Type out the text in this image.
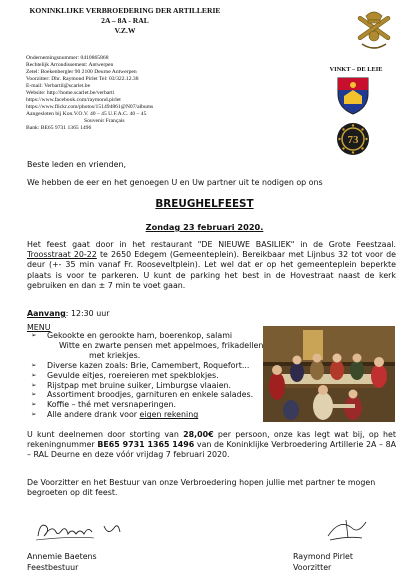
KONINKLIJKE VERBROEDERING DER ARTILLERIE
2A – 8A - RAL
V.Z.W
Ondernemingsnummer: 0410865868
Rechtelijk Arrondissement: Antwerpen
Zetel: Boekenbergler 90 2100 Deurne Antwerpen
Voorzitter: Dhr. Raymond Pirlet Tel: 03/322.12.38
E-mail: Verbartil@scarlet.be
Website: http://home.scarlet.be/verbarti
https://www.facebook.com/raymond.pirlet
https://www.flickr.com/photos/151494861@N07/albums
Aangesloten bij Kon.V.O.V. 40 – 45 U.F.A.C. 40 – 45
Souvenir Français
Bank: BE65 9731 1365 1496
VINKT – DE LEIE
73
Beste leden en vrienden,
We hebben de eer en het genoegen U en Uw partner uit te nodigen op ons
BREUGHELFEEST
Zondag 23 februari 2020.
Het feest gaat door in het restaurant "DE NIEUWE BASILIEK" in de Grote Feestzaal. Troosstraat 20-22 te 2650 Edegem (Gemeenteplein). Bereikbaar met Lijnbus 32 tot voor de deur (+- 35 min vanaf Fr. Rooseveltplein). Let wel dat er op het gemeenteplein beperkte plaats is voor te parkeren. U kunt de parking het best in de Hovestraat naast de kerk gebruiken en dan ± 7 min te voet gaan.
Aanvang: 12:30 uur
MENU
➢ Gekookte en gerookte ham, boerenkop, salami
Witte en zwarte pensen met appelmoes, frikadellen
met kriekjes.
➢ Diverse kazen zoals: Brie, Camembert, Roquefort...
➢ Gevulde eitjes, roereieren met spekblokjes.
➢ Rijstpap met bruine suiker, Limburgse vlaaien.
➢ Assortiment broodjes, garnituren en enkele salades.
➢ Koffie – thé met versnaperingen.
➢ Alle andere drank voor eigen rekening
U kunt deelnemen door storting van 28,00€ per persoon, onze kas legt wat bij, op het rekeningnummer BE65 9731 1365 1496 van de Koninklijke Verbroedering Artillerie 2A – 8A – RAL Deurne en deze vóór vrijdag 7 februari 2020.
De Voorzitter en het Bestuur van onze Verbroedering hopen jullie met partner te mogen begroeten op dit feest.
Annemie Baetens
Feestbestuur
Raymond Pirlet
Voorzitter
